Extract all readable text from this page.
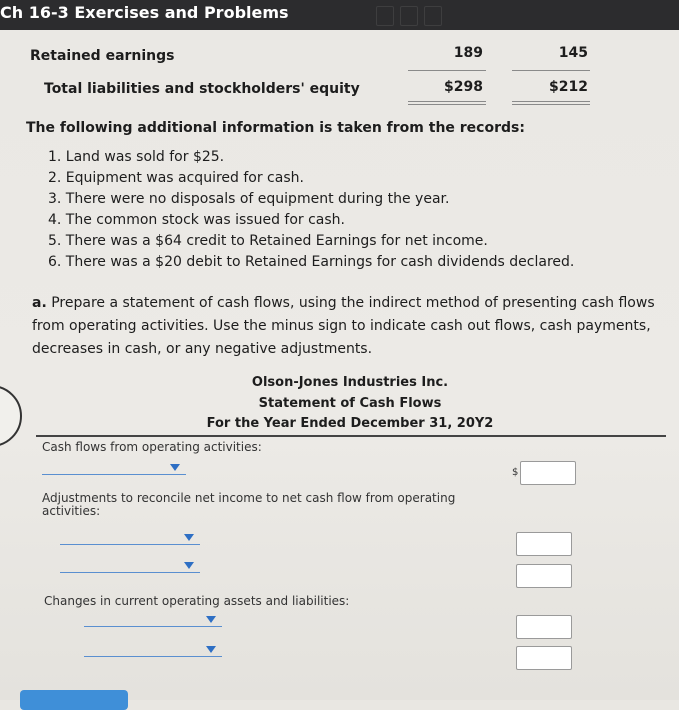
Ch 16-3 Exercises and Problems
Retained earnings	189	145
Total liabilities and stockholders' equity	$298	$212
The following additional information is taken from the records:
1. Land was sold for $25.
2. Equipment was acquired for cash.
3. There were no disposals of equipment during the year.
4. The common stock was issued for cash.
5. There was a $64 credit to Retained Earnings for net income.
6. There was a $20 debit to Retained Earnings for cash dividends declared.
a. Prepare a statement of cash flows, using the indirect method of presenting cash flows from operating activities. Use the minus sign to indicate cash out flows, cash payments, decreases in cash, or any negative adjustments.
Olson-Jones Industries Inc.
Statement of Cash Flows
For the Year Ended December 31, 20Y2
Cash flows from operating activities:
$
Adjustments to reconcile net income to net cash flow from operating activities:
Changes in current operating assets and liabilities:
